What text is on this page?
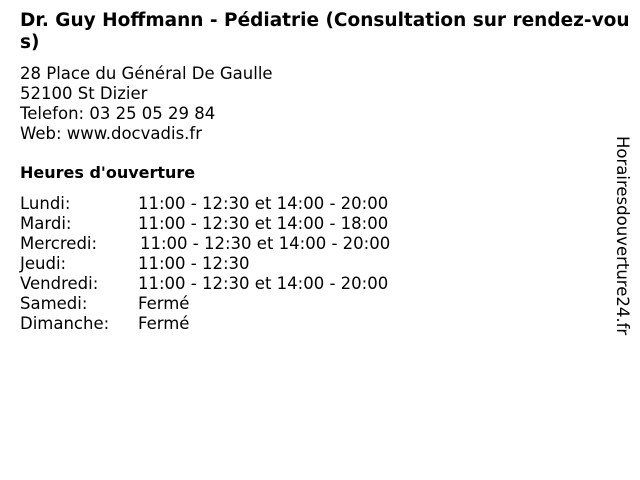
Dr. Guy Hoffmann - Pédiatrie (Consultation sur rendez-vous)
28 Place du Général De Gaulle
52100 St Dizier
Telefon: 03 25 05 29 84
Web: www.docvadis.fr
Heures d'ouverture
Lundi:	11:00 - 12:30 et 14:00 - 20:00
Mardi:	11:00 - 12:30 et 14:00 - 18:00
Mercredi:	11:00 - 12:30 et 14:00 - 20:00
Jeudi:	11:00 - 12:30
Vendredi: 11:00 - 12:30 et 14:00 - 20:00
Samedi:	Fermé
Dimanche: Fermé	Horairesdouverture24.fr
